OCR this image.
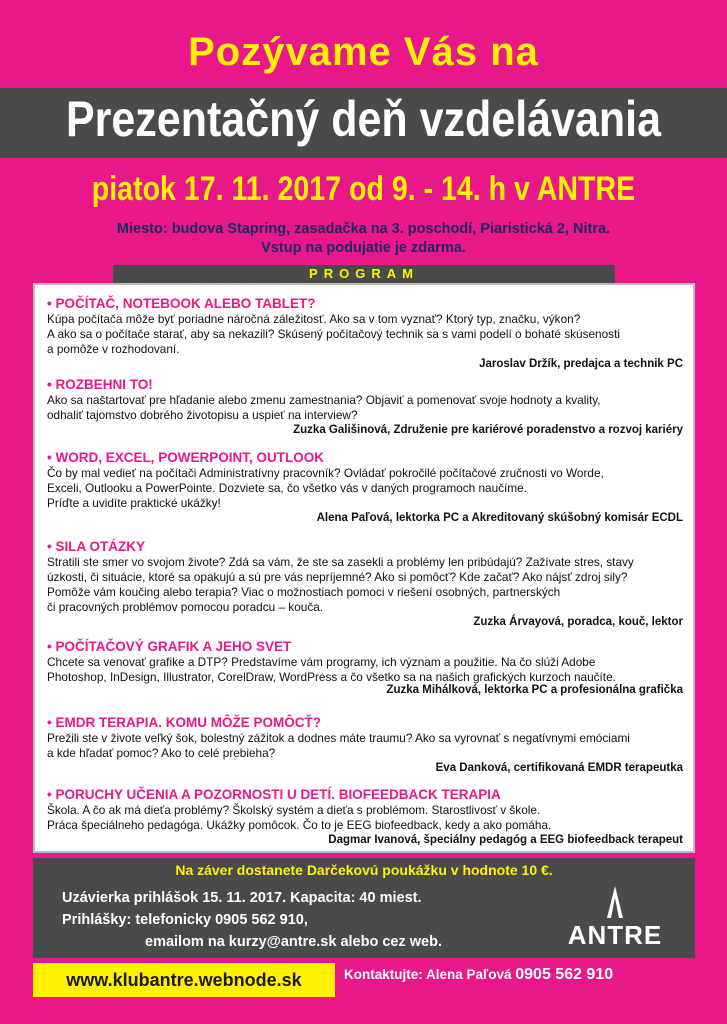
Pozývame Vás na
Prezentačný deň vzdelávania
piatok 17. 11. 2017 od 9. - 14. h v ANTRE
Miesto: budova Stapring, zasadačka na 3. poschodí, Piaristická 2, Nitra.
Vstup na podujatie je zdarma.
PROGRAM
• POČÍTAČ, NOTEBOOK ALEBO TABLET?
Kúpa počítača môže byť poriadne náročná záležitosť. Ako sa v tom vyznať? Ktorý typ, značku, výkon?
A ako sa o počítače starať, aby sa nekazili? Skúsený počítačový technik sa s vami podelí o bohaté skúsenosti
a pomôže v rozhodovaní.
Jaroslav Držík, predajca a technik PC
• ROZBEHNI TO!
Ako sa naštartovať pre hľadanie alebo zmenu zamestnania? Objaviť a pomenovať svoje hodnoty a kvality,
odhaliť tajomstvo dobrého životopisu a uspieť na interview?
Zuzka Gališinová, Združenie pre kariérové poradenstvo a rozvoj kariéry
• WORD, EXCEL, POWERPOINT, OUTLOOK
Čo by mal vedieť na počítači Administratívny pracovník? Ovládať pokročilé počítačové zručnosti vo Worde,
Exceli, Outlooku a PowerPointe. Dozviete sa, čo všetko vás v daných programoch naučíme.
Príďte a uvidíte praktické ukážky!
Alena Paľová, lektorka PC a Akreditovaný skúšobný komisár ECDL
• SILA OTÁZKY
Stratili ste smer vo svojom živote? Zdá sa vám, že ste sa zasekli a problémy len pribúdajú? Zažívate stres, stavy
úzkosti, či situácie, ktoré sa opakujú a sú pre vás nepríjemné? Ako si pomôcť? Kde začať? Ako nájsť zdroj sily?
Pomôže vám koučing alebo terapia? Viac o možnostiach pomoci v riešení osobných, partnerských
či pracovných problémov pomocou poradcu – kouča.
Zuzka Árvayová, poradca, kouč, lektor
• POČÍTAČOVÝ GRAFIK A JEHO SVET
Chcete sa venovať grafike a DTP? Predstavíme vám programy, ich význam a použitie. Na čo slúži Adobe
Photoshop, InDesign, Illustrator, CorelDraw, WordPress a čo všetko sa na našich grafických kurzoch naučíte.
Zuzka Mihálková, lektorka PC a profesionálna grafička
• EMDR TERAPIA. KOMU MÔŽE POMÔCŤ?
Prežili ste v živote veľký šok, bolestný zážitok a dodnes máte traumu? Ako sa vyrovnať s negatívnymi emóciami
a kde hľadať pomoc? Ako to celé prebieha?
Eva Danková, certifikovaná EMDR terapeutka
• PORUCHY UČENIA A POZORNOSTI U DETÍ. BIOFEEDBACK TERAPIA
Škola. A čo ak má dieťa problémy? Školský systém a dieťa s problémom. Starostlivosť v škole.
Práca špeciálneho pedagóga. Ukážky pomôcok. Čo to je EEG biofeedback, kedy a ako pomáha.
Dagmar Ivanová, špeciálny pedagóg a EEG biofeedback terapeut
Na záver dostanete Darčekovú poukážku v hodnote 10 €.
Uzávierka prihlášok 15. 11. 2017. Kapacita: 40 miest.
Prihlášky: telefonicky 0905 562 910,
emailom na kurzy@antre.sk alebo cez web.	ANTRE
www.klubantre.webnode.sk	Kontaktujte: Alena Paľová 0905 562 910
